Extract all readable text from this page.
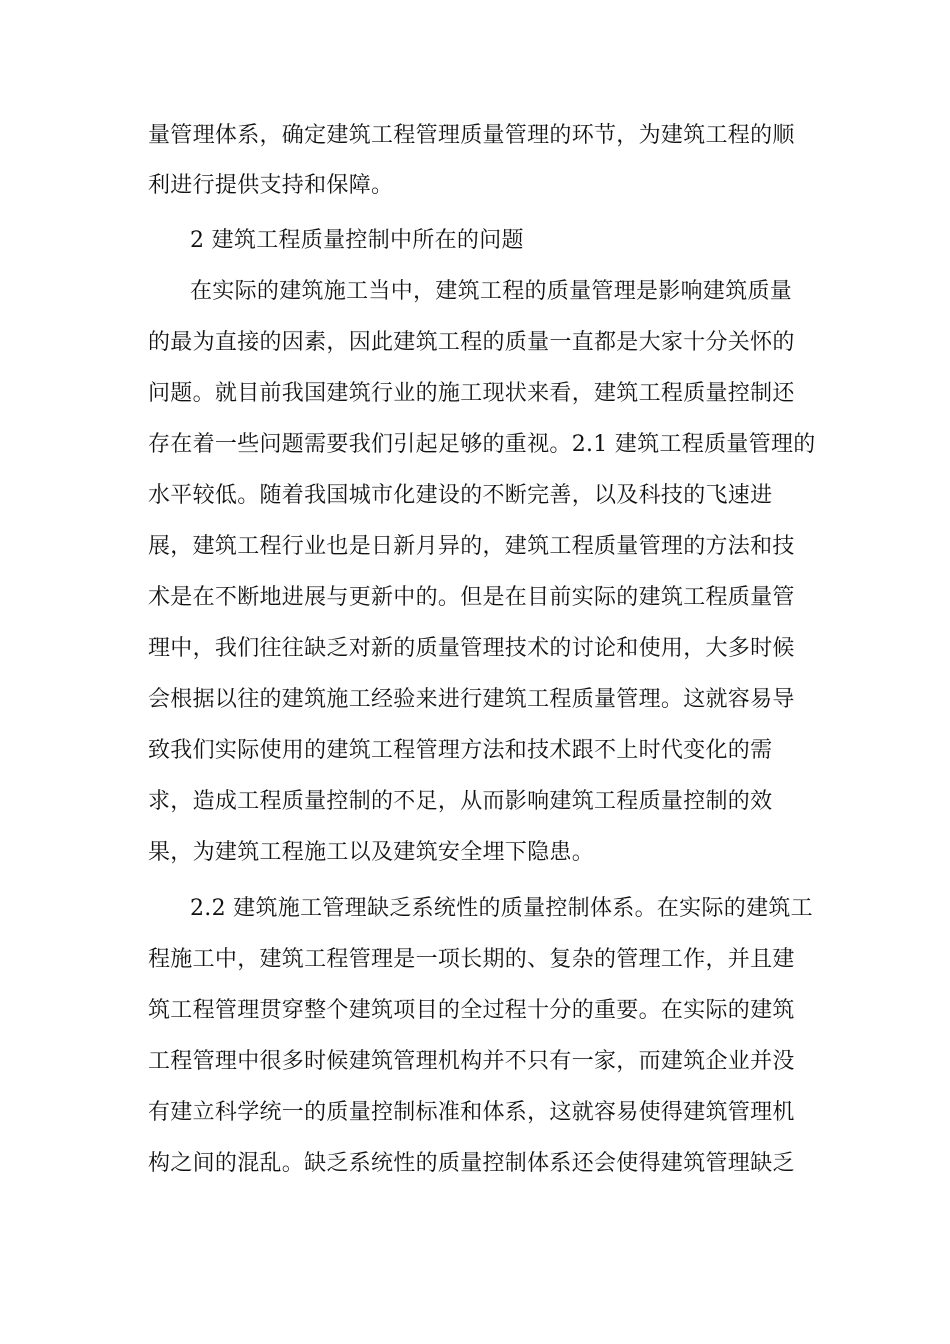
量管理体系，确定建筑工程管理质量管理的环节，为建筑工程的顺
利进行提供支持和保障。
2 建筑工程质量控制中所在的问题
在实际的建筑施工当中，建筑工程的质量管理是影响建筑质量
的最为直接的因素，因此建筑工程的质量一直都是大家十分关怀的
问题。就目前我国建筑行业的施工现状来看，建筑工程质量控制还
存在着一些问题需要我们引起足够的重视。2.1 建筑工程质量管理的
水平较低。随着我国城市化建设的不断完善，以及科技的飞速进
展，建筑工程行业也是日新月异的，建筑工程质量管理的方法和技
术是在不断地进展与更新中的。但是在目前实际的建筑工程质量管
理中，我们往往缺乏对新的质量管理技术的讨论和使用，大多时候
会根据以往的建筑施工经验来进行建筑工程质量管理。这就容易导
致我们实际使用的建筑工程管理方法和技术跟不上时代变化的需
求，造成工程质量控制的不足，从而影响建筑工程质量控制的效
果，为建筑工程施工以及建筑安全埋下隐患。
2.2 建筑施工管理缺乏系统性的质量控制体系。在实际的建筑工
程施工中，建筑工程管理是一项长期的、复杂的管理工作，并且建
筑工程管理贯穿整个建筑项目的全过程十分的重要。在实际的建筑
工程管理中很多时候建筑管理机构并不只有一家，而建筑企业并没
有建立科学统一的质量控制标准和体系，这就容易使得建筑管理机
构之间的混乱。缺乏系统性的质量控制体系还会使得建筑管理缺乏
